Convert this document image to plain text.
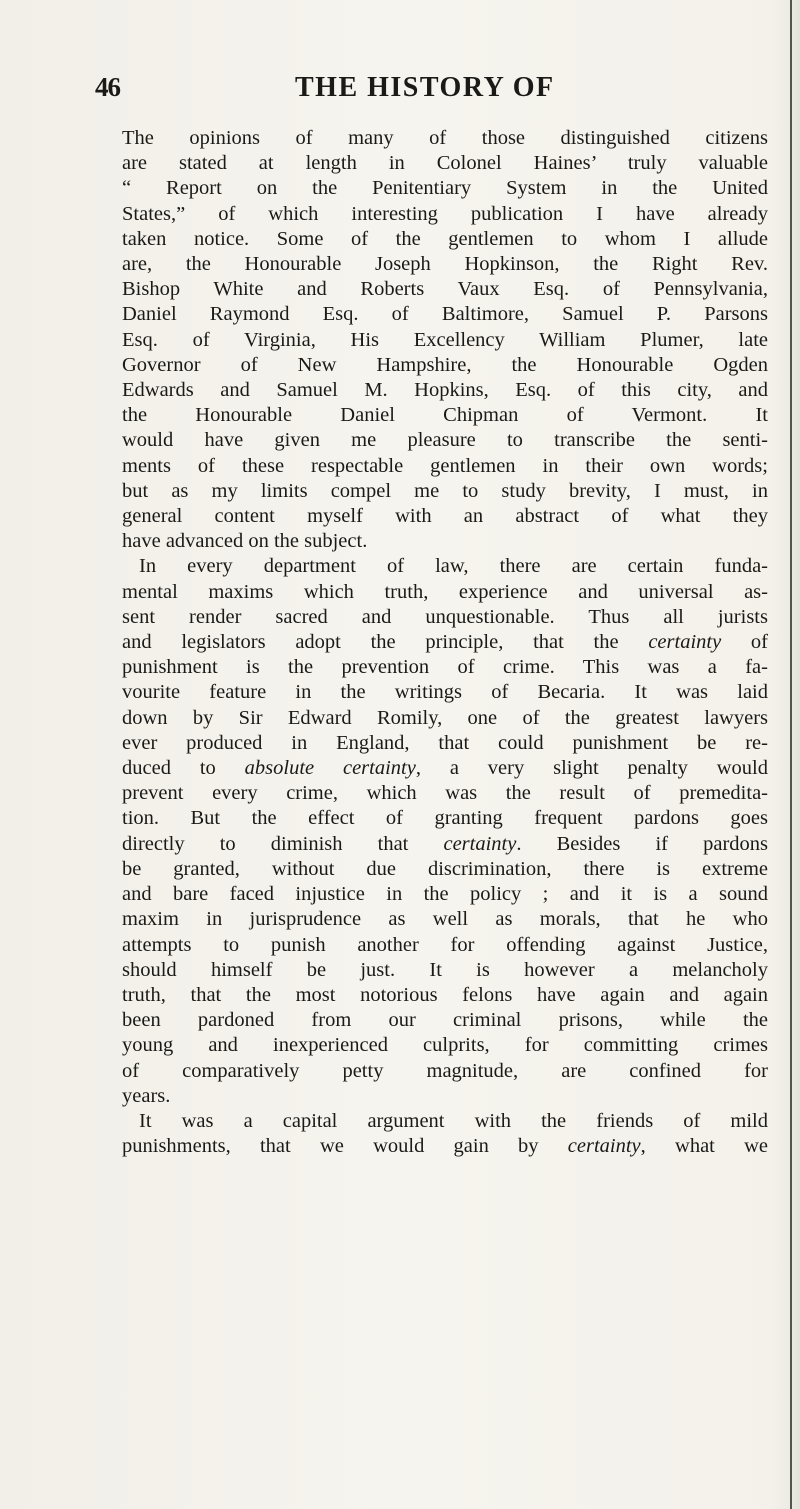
46	THE HISTORY OF
The opinions of many of those distinguished citizens
are stated at length in Colonel Haines’ truly valuable
“ Report on the Penitentiary System in the United
States,” of which interesting publication I have already
taken notice. Some of the gentlemen to whom I allude
are, the Honourable Joseph Hopkinson, the Right Rev.
Bishop White and Roberts Vaux Esq. of Pennsylvania,
Daniel Raymond Esq. of Baltimore, Samuel P. Parsons
Esq. of Virginia, His Excellency William Plumer, late
Governor of New Hampshire, the Honourable Ogden
Edwards and Samuel M. Hopkins, Esq. of this city, and
the Honourable Daniel Chipman of Vermont. It
would have given me pleasure to transcribe the senti-
ments of these respectable gentlemen in their own words;
but as my limits compel me to study brevity, I must, in
general content myself with an abstract of what they
have advanced on the subject.
In every department of law, there are certain funda-
mental maxims which truth, experience and universal as-
sent render sacred and unquestionable. Thus all jurists
and legislators adopt the principle, that the certainty of
punishment is the prevention of crime. This was a fa-
vourite feature in the writings of Becaria. It was laid
down by Sir Edward Romily, one of the greatest lawyers
ever produced in England, that could punishment be re-
duced to absolute certainty, a very slight penalty would
prevent every crime, which was the result of premedita-
tion. But the effect of granting frequent pardons goes
directly to diminish that certainty. Besides if pardons
be granted, without due discrimination, there is extreme
and bare faced injustice in the policy ; and it is a sound
maxim in jurisprudence as well as morals, that he who
attempts to punish another for offending against Justice,
should himself be just. It is however a melancholy
truth, that the most notorious felons have again and again
been pardoned from our criminal prisons, while the
young and inexperienced culprits, for committing crimes
of comparatively petty magnitude, are confined for
years.
It was a capital argument with the friends of mild
punishments, that we would gain by certainty, what we
